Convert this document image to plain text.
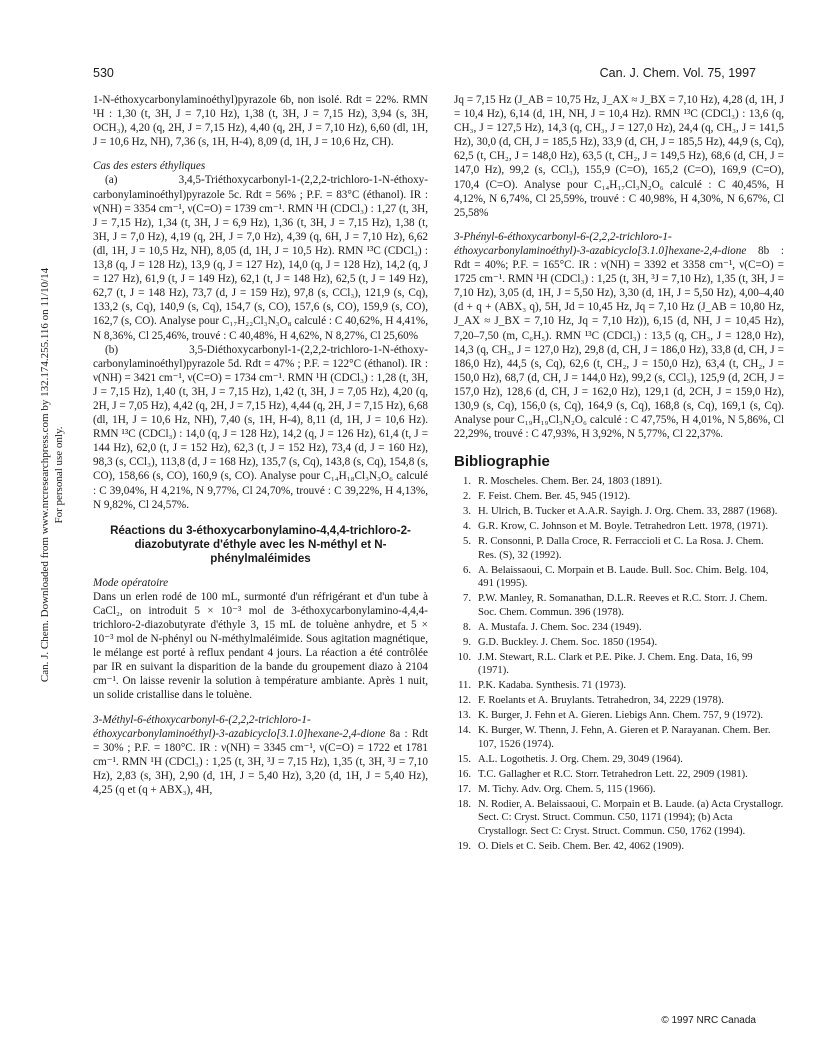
530	Can. J. Chem. Vol. 75, 1997
Can. J. Chem. Downloaded from www.nrcresearchpress.com by 132.174.255.116 on 11/10/14 For personal use only.

1-N-éthoxycarbonylaminoéthyl)pyrazole 6b, non isolé. Rdt = 22%. RMN ¹H : 1,30 (t, 3H, J = 7,10 Hz), 1,38 (t, 3H, J = 7,15 Hz), 3,94 (s, 3H, OCH₃), 4,20 (q, 2H, J = 7,15 Hz), 4,40 (q, 2H, J = 7,10 Hz), 6,60 (dl, 1H, J = 10,6 Hz, NH), 7,36 (s, 1H, H-4), 8,09 (d, 1H, J = 10,6 Hz, CH).

Cas des esters éthyliques

(a) 3,4,5-Triéthoxycarbonyl-1-(2,2,2-trichloro-1-N-éthoxy-carbonylaminoéthyl)pyrazole 5c. Rdt = 56% ; P.F. = 83°C (éthanol). IR : ν(NH) = 3354 cm⁻¹, ν(C=O) = 1739 cm⁻¹. RMN ¹H (CDCl₃) : 1,27 (t, 3H, J = 7,15 Hz), 1,34 (t, 3H, J = 6,9 Hz), 1,36 (t, 3H, J = 7,15 Hz), 1,38 (t, 3H, J = 7,0 Hz), 4,19 (q, 2H, J = 7,0 Hz), 4,39 (q, 6H, J = 7,10 Hz), 6,62 (dl, 1H, J = 10,5 Hz, NH), 8,05 (d, 1H, J = 10,5 Hz). RMN ¹³C (CDCl₃) : 13,8 (q, J = 128 Hz), 13,9 (q, J = 127 Hz), 14,0 (q, J = 128 Hz), 14,2 (q, J = 127 Hz), 61,9 (t, J = 149 Hz), 62,1 (t, J = 148 Hz), 62,5 (t, J = 149 Hz), 62,7 (t, J = 148 Hz), 73,7 (d, J = 159 Hz), 97,8 (s, CCl₃), 121,9 (s, Cq), 133,2 (s, Cq), 140,9 (s, Cq), 154,7 (s, CO), 157,6 (s, CO), 159,9 (s, CO), 162,7 (s, CO). Analyse pour C₁₇H₂₂Cl₃N₃O₈ calculé : C 40,62%, H 4,41%, N 8,36%, Cl 25,46%, trouvé : C 40,48%, H 4,62%, N 8,27%, Cl 25,60%

(b) 3,5-Diéthoxycarbonyl-1-(2,2,2-trichloro-1-N-éthoxy-carbonylaminoéthyl)pyrazole 5d. Rdt = 47% ; P.F. = 122°C (éthanol). IR : ν(NH) = 3421 cm⁻¹, ν(C=O) = 1734 cm⁻¹. RMN ¹H (CDCl₃) : 1,28 (t, 3H, J = 7,15 Hz), 1,40 (t, 3H, J = 7,15 Hz), 1,42 (t, 3H, J = 7,05 Hz), 4,20 (q, 2H, J = 7,05 Hz), 4,42 (q, 2H, J = 7,15 Hz), 4,44 (q, 2H, J = 7,15 Hz), 6,68 (dl, 1H, J = 10,6 Hz, NH), 7,40 (s, 1H, H-4), 8,11 (d, 1H, J = 10,6 Hz). RMN ¹³C (CDCl₃) : 14,0 (q, J = 128 Hz), 14,2 (q, J = 126 Hz), 61,4 (t, J = 144 Hz), 62,0 (t, J = 152 Hz), 62,3 (t, J = 152 Hz), 73,4 (d, J = 160 Hz), 98,3 (s, CCl₃), 113,8 (d, J = 168 Hz), 135,7 (s, Cq), 143,8 (s, Cq), 154,8 (s, CO), 158,66 (s, CO), 160,9 (s, CO). Analyse pour C₁₄H₁₈Cl₃N₃O₆ calculé : C 39,04%, H 4,21%, N 9,77%, Cl 24,70%, trouvé : C 39,22%, H 4,13%, N 9,82%, Cl 24,57%.

Réactions du 3-éthoxycarbonylamino-4,4,4-trichloro-2-diazobutyrate d'éthyle avec les N-méthyl et N-phénylmaléimides

Mode opératoire

Dans un erlen rodé de 100 mL, surmonté d'un réfrigérant et d'un tube à CaCl₂, on introduit 5 × 10⁻³ mol de 3-éthoxycarbonylamino-4,4,4-trichloro-2-diazobutyrate d'éthyle 3, 15 mL de toluène anhydre, et 5 × 10⁻³ mol de N-phényl ou N-méthylmaléimide. Sous agitation magnétique, le mélange est porté à reflux pendant 4 jours. La réaction a été contrôlée par IR en suivant la disparition de la bande du groupement diazo à 2104 cm⁻¹. On laisse revenir la solution à température ambiante. Après 1 nuit, un solide cristallise dans le toluène.

3-Méthyl-6-éthoxycarbonyl-6-(2,2,2-trichloro-1-éthoxycarbonylaminoéthyl)-3-azabicyclo[3.1.0]hexane-2,4-dione 8a : Rdt = 30% ; P.F. = 180°C. IR : ν(NH) = 3345 cm⁻¹, ν(C=O) = 1722 et 1781 cm⁻¹. RMN ¹H (CDCl₃) : 1,25 (t, 3H, ³J = 7,15 Hz), 1,35 (t, 3H, ³J = 7,10 Hz), 2,83 (s, 3H), 2,90 (d, 1H, J = 5,40 Hz), 3,20 (d, 1H, J = 5,40 Hz), 4,25 (q et (q + ABX₃), 4H,

Jq = 7,15 Hz (J_AB = 10,75 Hz, J_AX ≈ J_BX = 7,10 Hz), 4,28 (d, 1H, J = 10,4 Hz), 6,14 (d, 1H, NH, J = 10,4 Hz). RMN ¹³C (CDCl₃) : 13,6 (q, CH₃, J = 127,5 Hz), 14,3 (q, CH₃, J = 127,0 Hz), 24,4 (q, CH₃, J = 141,5 Hz), 30,0 (d, CH, J = 185,5 Hz), 33,9 (d, CH, J = 185,5 Hz), 44,9 (s, Cq), 62,5 (t, CH₂, J = 148,0 Hz), 63,5 (t, CH₂, J = 149,5 Hz), 68,6 (d, CH, J = 147,0 Hz), 99,2 (s, CCl₃), 155,9 (C=O), 165,2 (C=O), 169,9 (C=O), 170,4 (C=O). Analyse pour C₁₄H₁₇Cl₃N₂O₆ calculé : C 40,45%, H 4,12%, N 6,74%, Cl 25,59%, trouvé : C 40,98%, H 4,30%, N 6,67%, Cl 25,58%

3-Phényl-6-éthoxycarbonyl-6-(2,2,2-trichloro-1-éthoxycarbonylaminoéthyl)-3-azabicyclo[3.1.0]hexane-2,4-dione 8b : Rdt = 40%; P.F. = 165°C. IR : ν(NH) = 3392 et 3358 cm⁻¹, ν(C=O) = 1725 cm⁻¹. RMN ¹H (CDCl₃) : 1,25 (t, 3H, ³J = 7,10 Hz), 1,35 (t, 3H, J = 7,10 Hz), 3,05 (d, 1H, J = 5,50 Hz), 3,30 (d, 1H, J = 5,50 Hz), 4,00–4,40 (d + q + (ABX₃ q), 5H, Jd = 10,45 Hz, Jq = 7,10 Hz (J_AB = 10,80 Hz, J_AX ≈ J_BX = 7,10 Hz, Jq = 7,10 Hz)), 6,15 (d, NH, J = 10,45 Hz), 7,20–7,50 (m, C₆H₅). RMN ¹³C (CDCl₃) : 13,5 (q, CH₃, J = 128,0 Hz), 14,3 (q, CH₃, J = 127,0 Hz), 29,8 (d, CH, J = 186,0 Hz), 33,8 (d, CH, J = 186,0 Hz), 44,5 (s, Cq), 62,6 (t, CH₂, J = 150,0 Hz), 63,4 (t, CH₂, J = 150,0 Hz), 68,7 (d, CH, J = 144,0 Hz), 99,2 (s, CCl₃), 125,9 (d, 2CH, J = 157,0 Hz), 128,6 (d, CH, J = 162,0 Hz), 129,1 (d, 2CH, J = 159,0 Hz), 130,9 (s, Cq), 156,0 (s, Cq), 164,9 (s, Cq), 168,8 (s, Cq), 169,1 (s, Cq). Analyse pour C₁₉H₁₉Cl₃N₂O₆ calculé : C 47,75%, H 4,01%, N 5,86%, Cl 22,29%, trouvé : C 47,93%, H 3,92%, N 5,77%, Cl 22,37%.

Bibliographie
1. R. Moscheles. Chem. Ber. 24, 1803 (1891).
2. F. Feist. Chem. Ber. 45, 945 (1912).
3. H. Ulrich, B. Tucker et A.A.R. Sayigh. J. Org. Chem. 33, 2887 (1968).
4. G.R. Krow, C. Johnson et M. Boyle. Tetrahedron Lett. 1978, (1971).
5. R. Consonni, P. Dalla Croce, R. Ferraccioli et C. La Rosa. J. Chem. Res. (S), 32 (1992).
6. A. Belaissaoui, C. Morpain et B. Laude. Bull. Soc. Chim. Belg. 104, 491 (1995).
7. P.W. Manley, R. Somanathan, D.L.R. Reeves et R.C. Storr. J. Chem. Soc. Chem. Commun. 396 (1978).
8. A. Mustafa. J. Chem. Soc. 234 (1949).
9. G.D. Buckley. J. Chem. Soc. 1850 (1954).
10. J.M. Stewart, R.L. Clark et P.E. Pike. J. Chem. Eng. Data, 16, 99 (1971).
11. P.K. Kadaba. Synthesis. 71 (1973).
12. F. Roelants et A. Bruylants. Tetrahedron, 34, 2229 (1978).
13. K. Burger, J. Fehn et A. Gieren. Liebigs Ann. Chem. 757, 9 (1972).
14. K. Burger, W. Thenn, J. Fehn, A. Gieren et P. Narayanan. Chem. Ber. 107, 1526 (1974).
15. A.L. Logothetis. J. Org. Chem. 29, 3049 (1964).
16. T.C. Gallagher et R.C. Storr. Tetrahedron Lett. 22, 2909 (1981).
17. M. Tichy. Adv. Org. Chem. 5, 115 (1966).
18. N. Rodier, A. Belaissaoui, C. Morpain et B. Laude. (a) Acta Crystallogr. Sect. C: Cryst. Struct. Commun. C50, 1171 (1994); (b) Acta Crystallogr. Sect C: Cryst. Struct. Commun. C50, 1762 (1994).
19. O. Diels et C. Seib. Chem. Ber. 42, 4062 (1909).
© 1997 NRC Canada
